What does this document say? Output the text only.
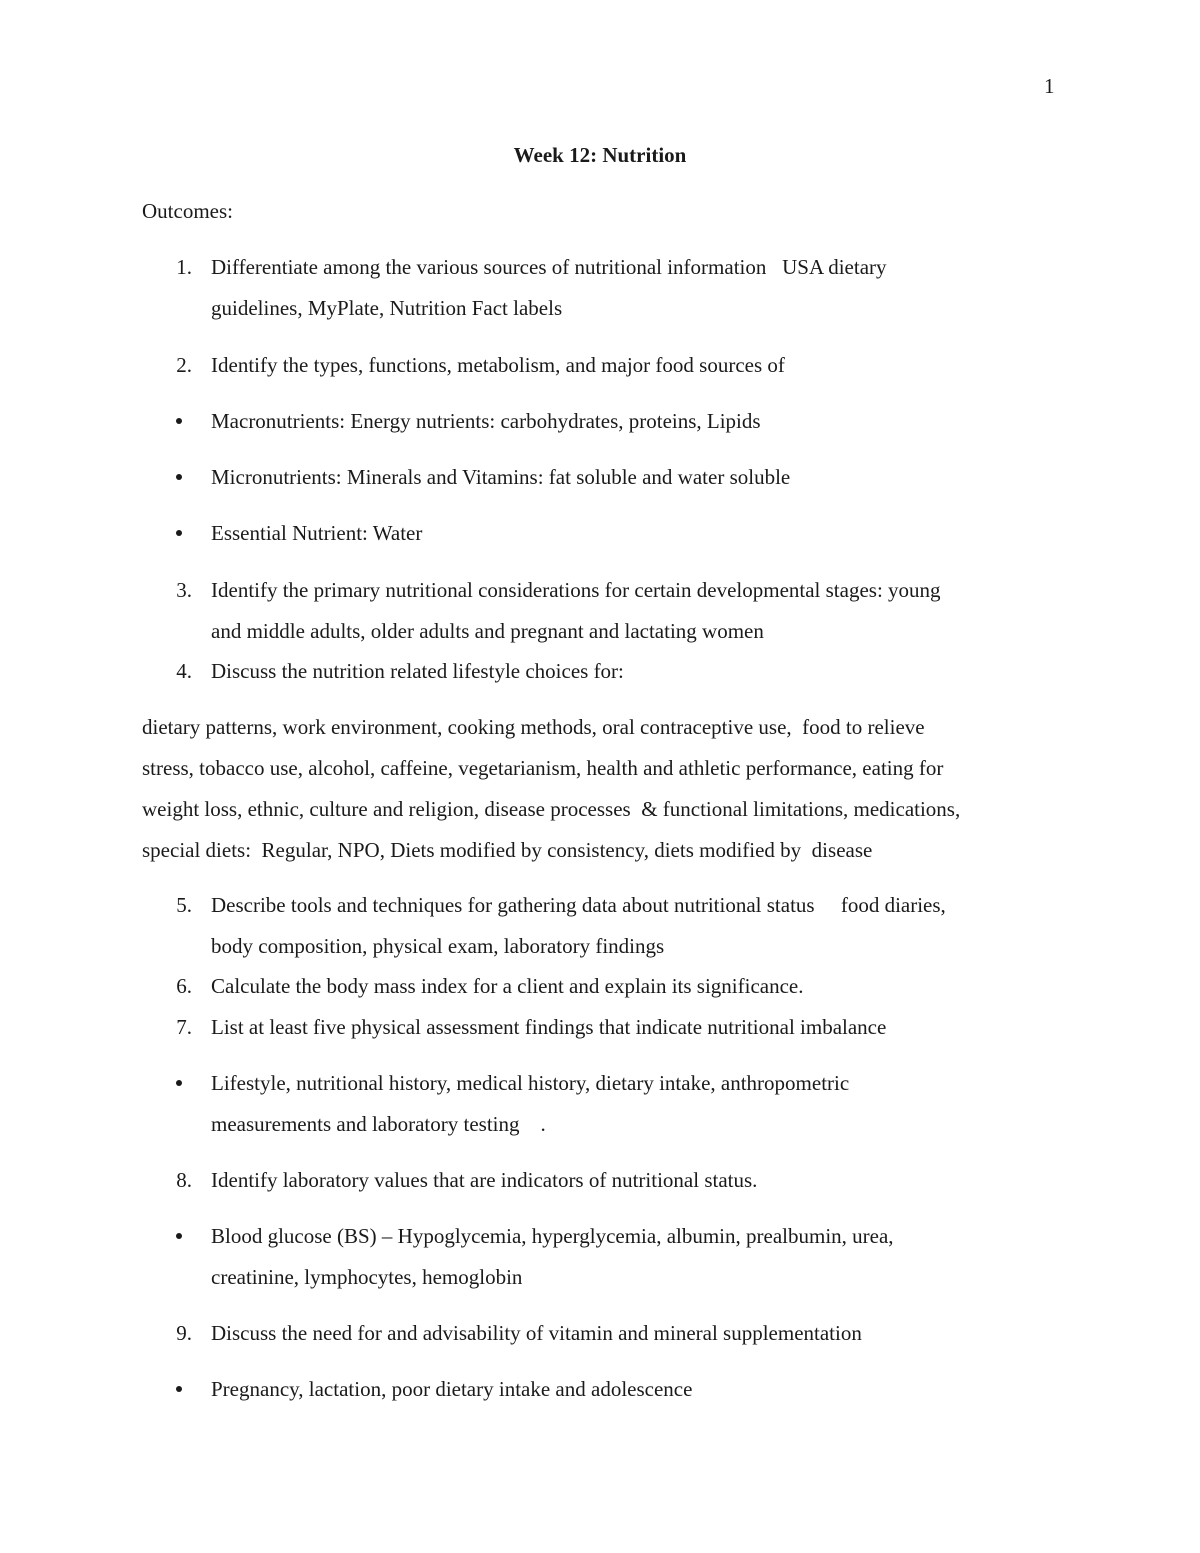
1
Week 12: Nutrition
Outcomes:
1. Differentiate among the various sources of nutritional information   USA dietary
guidelines, MyPlate, Nutrition Fact labels
2. Identify the types, functions, metabolism, and major food sources of
Macronutrients: Energy nutrients: carbohydrates, proteins, Lipids
Micronutrients: Minerals and Vitamins: fat soluble and water soluble
Essential Nutrient: Water
3. Identify the primary nutritional considerations for certain developmental stages: young
and middle adults, older adults and pregnant and lactating women
4. Discuss the nutrition related lifestyle choices for:
dietary patterns, work environment, cooking methods, oral contraceptive use,  food to relieve
stress, tobacco use, alcohol, caffeine, vegetarianism, health and athletic performance, eating for
weight loss, ethnic, culture and religion, disease processes  & functional limitations, medications,
special diets:  Regular, NPO, Diets modified by consistency, diets modified by  disease
5. Describe tools and techniques for gathering data about nutritional status     food diaries,
body composition, physical exam, laboratory findings
6. Calculate the body mass index for a client and explain its significance.
7. List at least five physical assessment findings that indicate nutritional imbalance
Lifestyle, nutritional history, medical history, dietary intake, anthropometric
measurements and laboratory testing    .
8. Identify laboratory values that are indicators of nutritional status.
Blood glucose (BS) – Hypoglycemia, hyperglycemia, albumin, prealbumin, urea,
creatinine, lymphocytes, hemoglobin
9. Discuss the need for and advisability of vitamin and mineral supplementation
Pregnancy, lactation, poor dietary intake and adolescence
